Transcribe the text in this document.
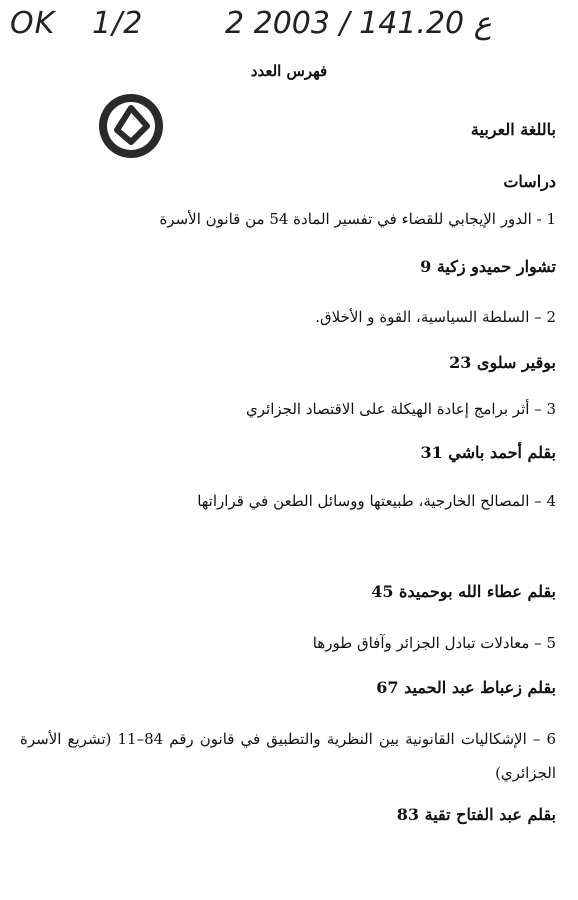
OK 1/2	2 ع 141.20 / 2003
فهرس العدد
باللغة العربية
دراسات
1 - الدور الإيجابي للقضاء في تفسير المادة 54 من قانون الأسرة
تشوار حميدو زكية 9
2 – السلطة السياسية، القوة و الأخلاق.
بوقير سلوى 23
3 – أثر برامج إعادة الهيكلة على الاقتصاد الجزائري
بقلم أحمد باشي 31
4 – المصالح الخارجية، طبيعتها ووسائل الطعن في قراراتها
بقلم عطاء الله بوحميدة 45
5 – معادلات تبادل الجزائر وآفاق طورها
بقلم زعباط عبد الحميد 67
6 – الإشكاليات القانونية بين النظرية والتطبيق في قانون رقم 84–11 (تشريع الأسرة الجزائري)
بقلم عبد الفتاح تقية 83
